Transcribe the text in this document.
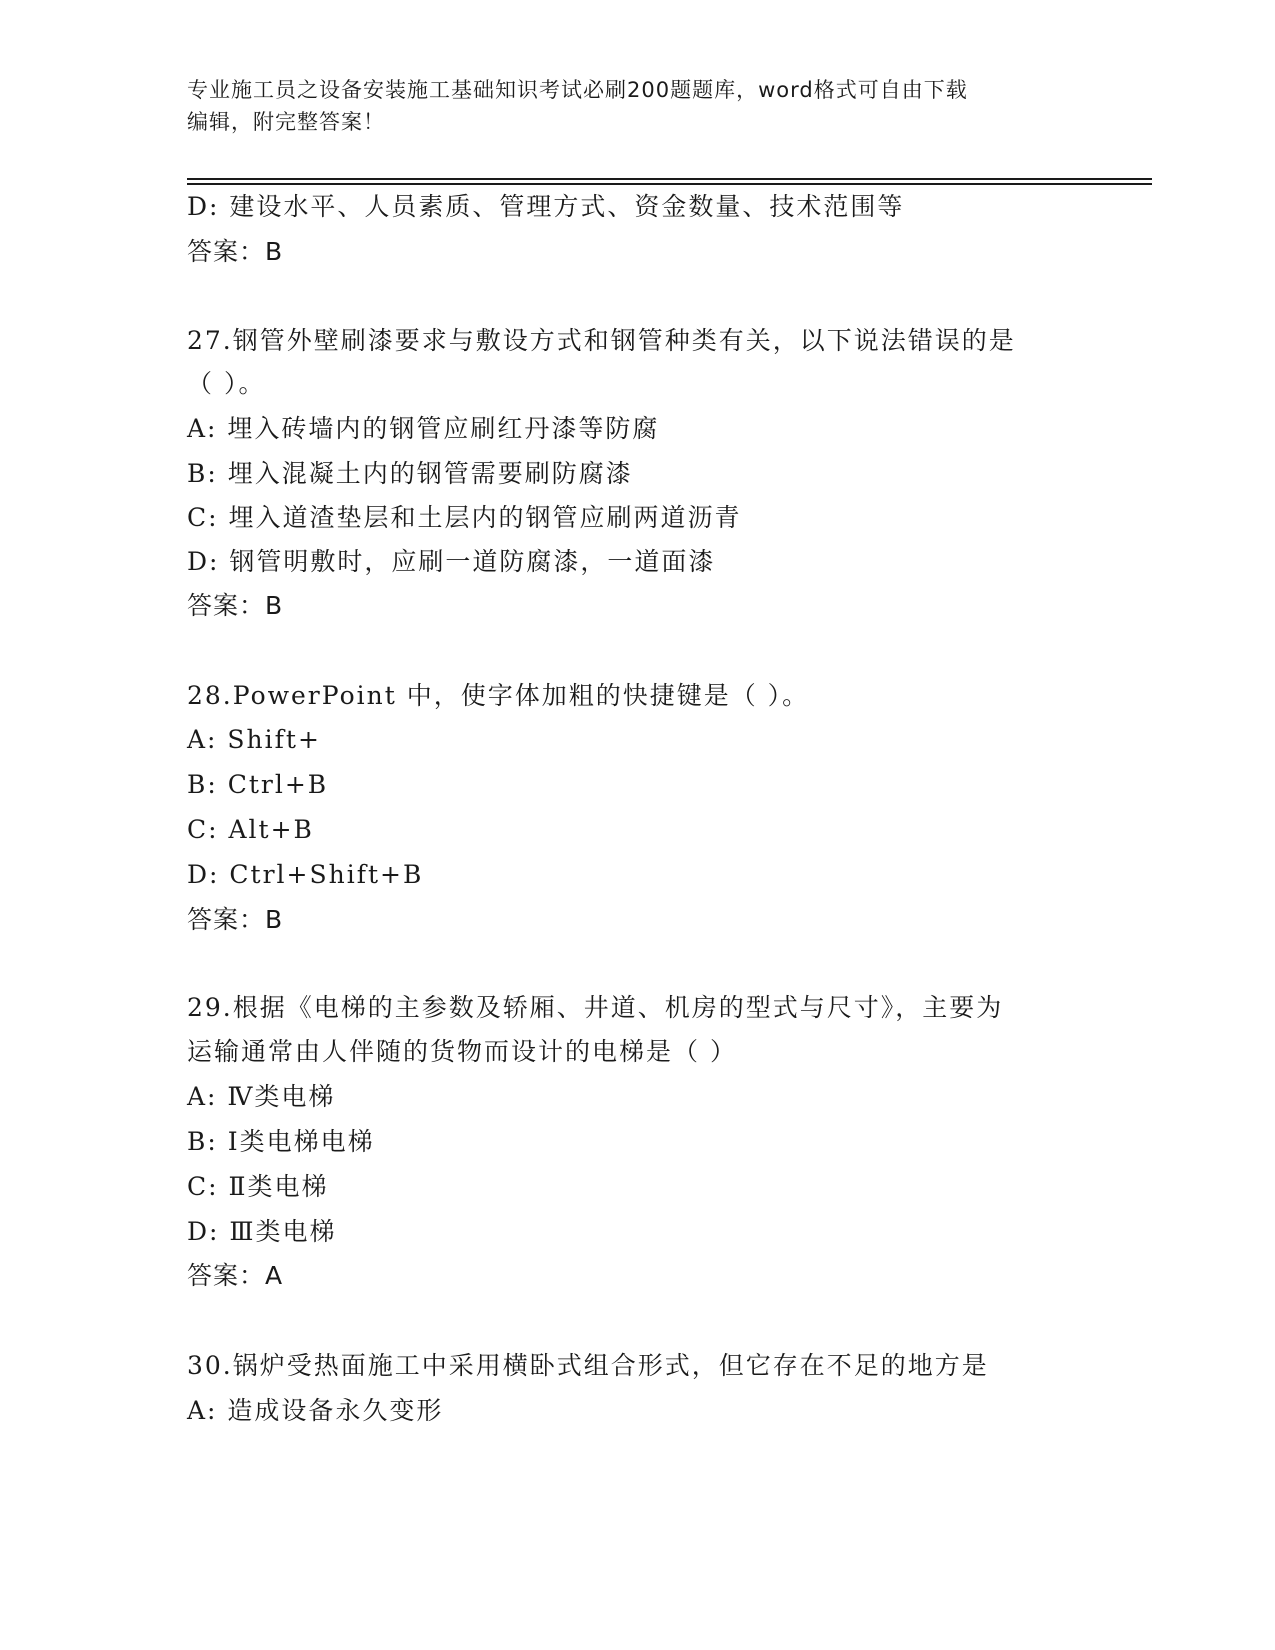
专业施工员之设备安装施工基础知识考试必刷200题题库，word格式可自由下载
编辑，附完整答案！
D: 建设水平、人员素质、管理方式、资金数量、技术范围等
答案：B
27.钢管外壁刷漆要求与敷设方式和钢管种类有关，以下说法错误的是
（ ）。
A: 埋入砖墙内的钢管应刷红丹漆等防腐
B: 埋入混凝土内的钢管需要刷防腐漆
C: 埋入道渣垫层和土层内的钢管应刷两道沥青
D: 钢管明敷时，应刷一道防腐漆，一道面漆
答案：B
28.PowerPoint 中，使字体加粗的快捷键是（ ）。
A: Shift+
B: Ctrl+B
C: Alt+B
D: Ctrl+Shift+B
答案：B
29.根据《电梯的主参数及轿厢、井道、机房的型式与尺寸》，主要为
运输通常由人伴随的货物而设计的电梯是（ ）
A: Ⅳ类电梯
B: Ⅰ类电梯电梯
C: Ⅱ类电梯
D: Ⅲ类电梯
答案：A
30.锅炉受热面施工中采用横卧式组合形式，但它存在不足的地方是
A: 造成设备永久变形
